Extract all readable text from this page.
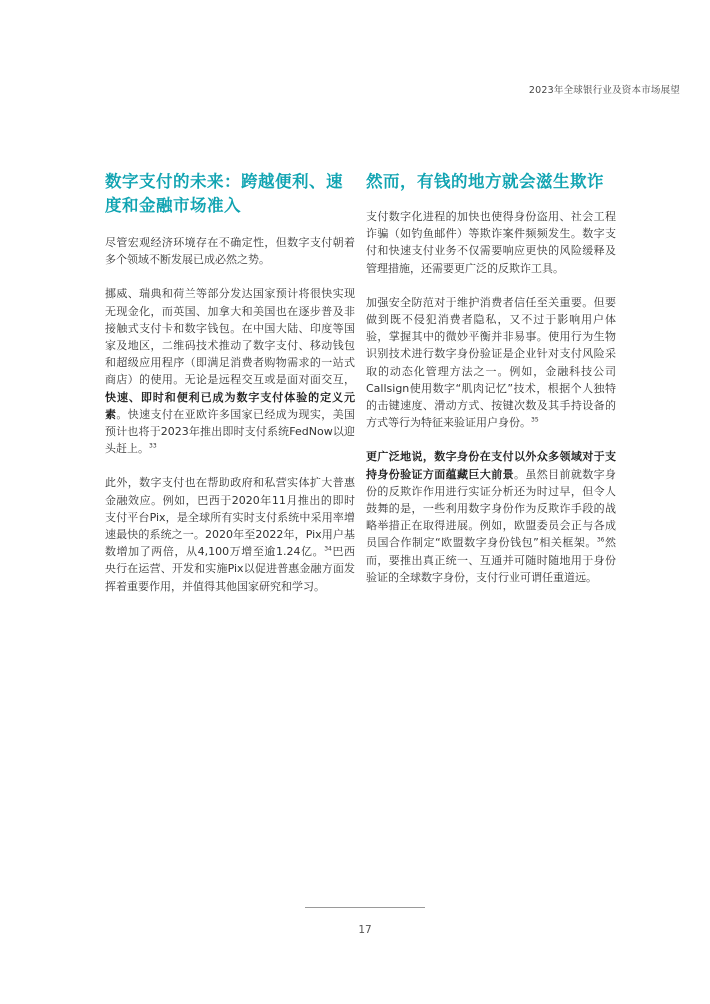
2023年全球银行业及资本市场展望
数字支付的未来：跨越便利、速度和金融市场准入

尽管宏观经济环境存在不确定性，但数字支付朝着多个领域不断发展已成必然之势。

挪威、瑞典和荷兰等部分发达国家预计将很快实现无现金化，而英国、加拿大和美国也在逐步普及非接触式支付卡和数字钱包。在中国大陆、印度等国家及地区，二维码技术推动了数字支付、移动钱包和超级应用程序（即满足消费者购物需求的一站式商店）的使用。无论是远程交互或是面对面交互，快速、即时和便利已成为数字支付体验的定义元素。快速支付在亚欧许多国家已经成为现实，美国预计也将于2023年推出即时支付系统FedNow以迎头赶上。$^{33}$

此外，数字支付也在帮助政府和私营实体扩大普惠金融效应。例如，巴西于2020年11月推出的即时支付平台Pix，是全球所有实时支付系统中采用率增速最快的系统之一。2020年至2022年，Pix用户基数增加了两倍，从4,100万增至逾1.24亿。$^{34}$巴西央行在运营、开发和实施Pix以促进普惠金融方面发挥着重要作用，并值得其他国家研究和学习。

然而，有钱的地方就会滋生欺诈

支付数字化进程的加快也使得身份盗用、社会工程诈骗（如钓鱼邮件）等欺诈案件频频发生。数字支付和快速支付业务不仅需要响应更快的风险缓释及管理措施，还需要更广泛的反欺诈工具。

加强安全防范对于维护消费者信任至关重要。但要做到既不侵犯消费者隐私，又不过于影响用户体验，掌握其中的微妙平衡并非易事。使用行为生物识别技术进行数字身份验证是企业针对支付风险采取的动态化管理方法之一。例如，金融科技公司Callsign使用数字“肌肉记忆”技术，根据个人独特的击键速度、滑动方式、按键次数及其手持设备的方式等行为特征来验证用户身份。$^{35}$

更广泛地说，数字身份在支付以外众多领域对于支持身份验证方面蕴藏巨大前景。虽然目前就数字身份的反欺诈作用进行实证分析还为时过早，但令人鼓舞的是，一些利用数字身份作为反欺诈手段的战略举措正在取得进展。例如，欧盟委员会正与各成员国合作制定“欧盟数字身份钱包”相关框架。$^{36}$然而，要推出真正统一、互通并可随时随地用于身份验证的全球数字身份，支付行业可谓任重道远。

17
